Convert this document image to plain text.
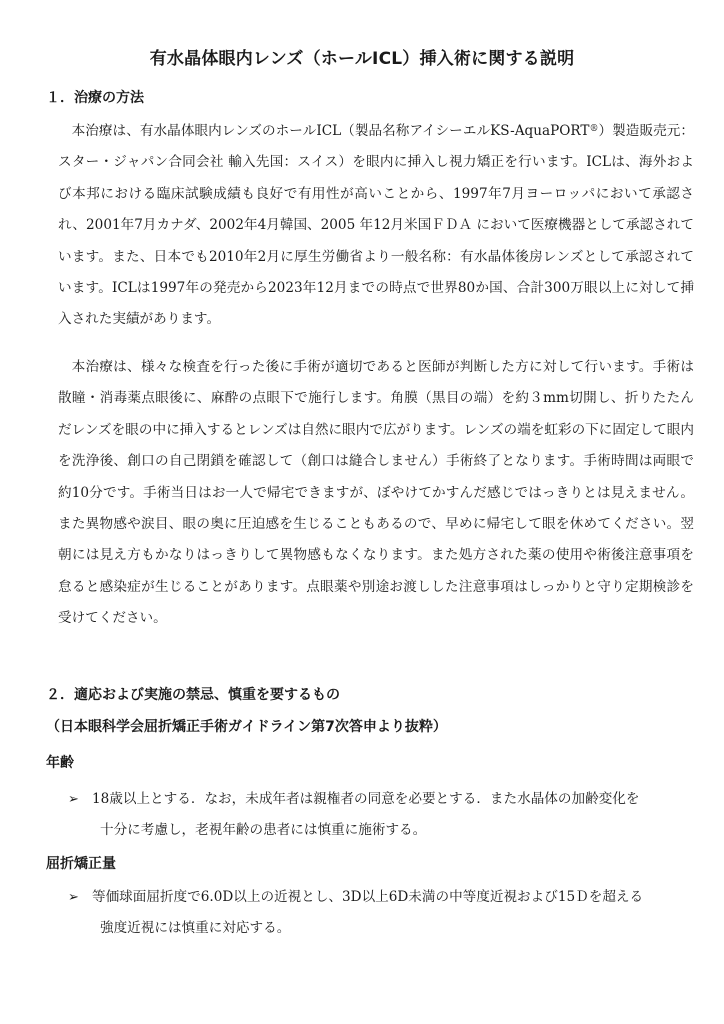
有水晶体眼内レンズ（ホールICL）挿入術に関する説明
１．治療の方法
本治療は、有水晶体眼内レンズのホールICL（製品名称アイシーエルKS-AquaPORT®）製造販売元：スター・ジャパン合同会社 輸入先国：スイス）を眼内に挿入し視力矯正を行います。ICLは、海外および本邦における臨床試験成績も良好で有用性が高いことから、1997年7月ヨーロッパにおいて承認され、2001年7月カナダ、2002年4月韓国、2005 年12月米国ＦＤＡ において医療機器として承認されています。また、日本でも2010年2月に厚生労働省より一般名称：有水晶体後房レンズとして承認されています。ICLは1997年の発売から2023年12月までの時点で世界80か国、合計300万眼以上に対して挿入された実績があります。
本治療は、様々な検査を行った後に手術が適切であると医師が判断した方に対して行います。手術は散瞳・消毒薬点眼後に、麻酔の点眼下で施行します。角膜（黒目の端）を約３mm切開し、折りたたんだレンズを眼の中に挿入するとレンズは自然に眼内で広がります。レンズの端を虹彩の下に固定して眼内を洗浄後、創口の自己閉鎖を確認して（創口は縫合しません）手術終了となります。手術時間は両眼で約10分です。手術当日はお一人で帰宅できますが、ぼやけてかすんだ感じではっきりとは見えません。また異物感や涙目、眼の奥に圧迫感を生じることもあるので、早めに帰宅して眼を休めてください。翌朝には見え方もかなりはっきりして異物感もなくなります。また処方された薬の使用や術後注意事項を怠ると感染症が生じることがあります。点眼薬や別途お渡しした注意事項はしっかりと守り定期検診を受けてください。
２．適応および実施の禁忌、慎重を要するもの
（日本眼科学会屈折矯正手術ガイドライン第7次答申より抜粋）
年齢
➢ 18歳以上とする．なお，未成年者は親権者の同意を必要とする．また水晶体の加齢変化を
十分に考慮し，老視年齢の患者には慎重に施術する。
屈折矯正量
➢ 等価球面屈折度で6.0D以上の近視とし、3D以上6D未満の中等度近視および15Ｄを超える
強度近視には慎重に対応する。
